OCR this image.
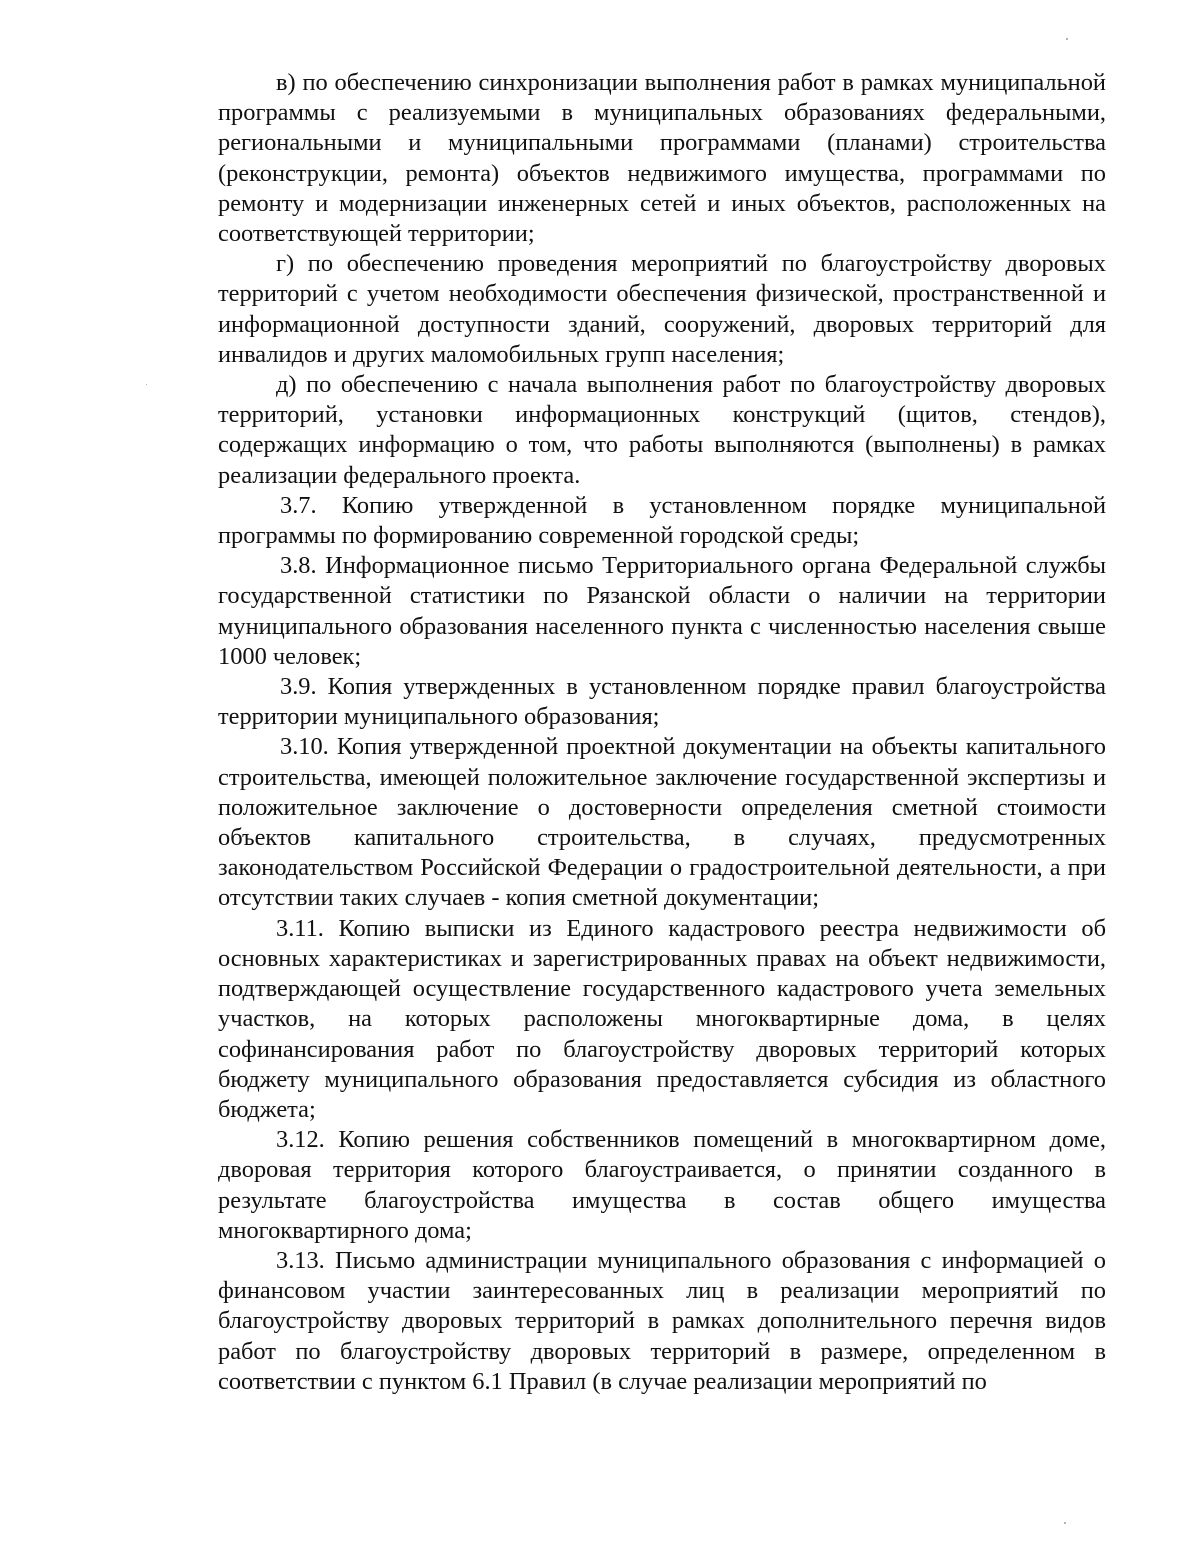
в) по обеспечению синхронизации выполнения работ в рамках муниципальной программы с реализуемыми в муниципальных образованиях федеральными, региональными и муниципальными программами (планами) строительства (реконструкции, ремонта) объектов недвижимого имущества, программами по ремонту и модернизации инженерных сетей и иных объектов, расположенных на соответствующей территории;

г) по обеспечению проведения мероприятий по благоустройству дворовых территорий с учетом необходимости обеспечения физической, пространственной и информационной доступности зданий, сооружений, дворовых территорий для инвалидов и других маломобильных групп населения;

д) по обеспечению с начала выполнения работ по благоустройству дворовых территорий, установки информационных конструкций (щитов, стендов), содержащих информацию о том, что работы выполняются (выполнены) в рамках реализации федерального проекта.

3.7. Копию утвержденной в установленном порядке муниципальной программы по формированию современной городской среды;

3.8. Информационное письмо Территориального органа Федеральной службы государственной статистики по Рязанской области о наличии на территории муниципального образования населенного пункта с численностью населения свыше 1000 человек;

3.9. Копия утвержденных в установленном порядке правил благоустройства территории муниципального образования;

3.10. Копия утвержденной проектной документации на объекты капитального строительства, имеющей положительное заключение государственной экспертизы и положительное заключение о достоверности определения сметной стоимости объектов капитального строительства, в случаях, предусмотренных законодательством Российской Федерации о градостроительной деятельности, а при отсутствии таких случаев - копия сметной документации;

3.11. Копию выписки из Единого кадастрового реестра недвижимости об основных характеристиках и зарегистрированных правах на объект недвижимости, подтверждающей осуществление государственного кадастрового учета земельных участков, на которых расположены многоквартирные дома, в целях софинансирования работ по благоустройству дворовых территорий которых бюджету муниципального образования предоставляется субсидия из областного бюджета;

3.12. Копию решения собственников помещений в многоквартирном доме, дворовая территория которого благоустраивается, о принятии созданного в результате благоустройства имущества в состав общего имущества многоквартирного дома;

3.13. Письмо администрации муниципального образования с информацией о финансовом участии заинтересованных лиц в реализации мероприятий по благоустройству дворовых территорий в рамках дополнительного перечня видов работ по благоустройству дворовых территорий в размере, определенном в соответствии с пунктом 6.1 Правил (в случае реализации мероприятий по
